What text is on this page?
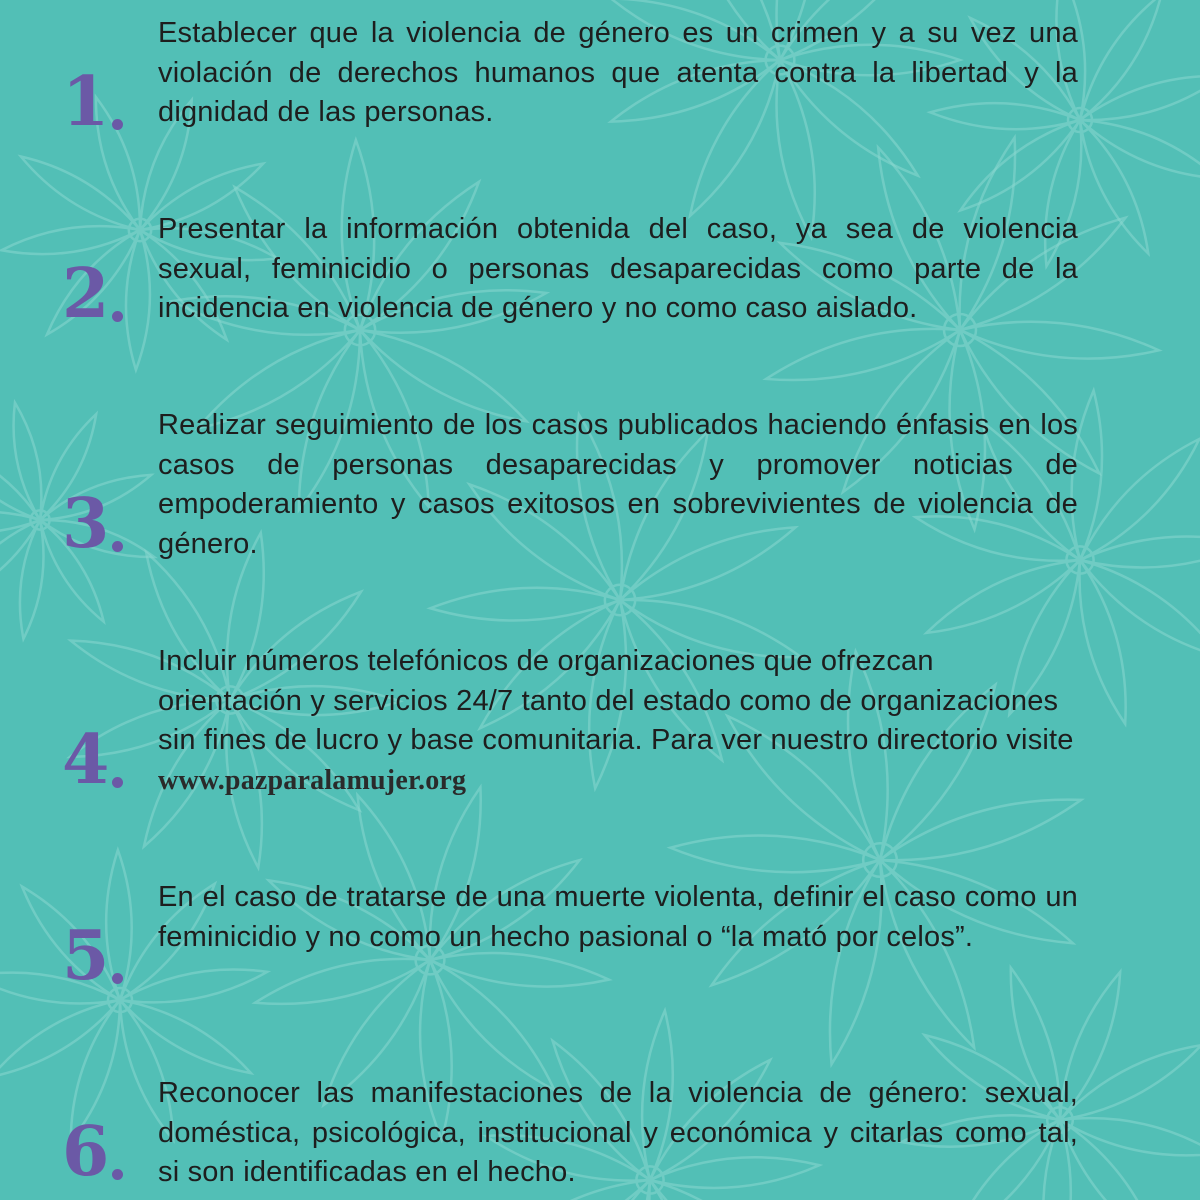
1
Establecer que la violencia de género es un crimen y a su vez una violación de derechos humanos que atenta contra la libertad y la dignidad de las personas.
2
Presentar la información obtenida del caso, ya sea de violencia sexual, feminicidio o personas desaparecidas como parte de la incidencia en violencia de género y no como caso aislado.
3
Realizar seguimiento de los casos publicados haciendo énfasis en los casos de personas desaparecidas y promover noticias de empoderamiento y casos exitosos en sobrevivientes de violencia de género.
4
Incluir números telefónicos de organizaciones que ofrezcan orientación y servicios 24/7 tanto del estado como de organizaciones sin fines de lucro y base comunitaria. Para ver nuestro directorio visite www.pazparalamujer.org
5
En el caso de tratarse de una muerte violenta, definir el caso como un feminicidio y no como un hecho pasional o “la mató por celos”.
6
Reconocer las manifestaciones de la violencia de género: sexual, doméstica, psicológica, institucional y económica y citarlas como tal, si son identificadas en el hecho.
